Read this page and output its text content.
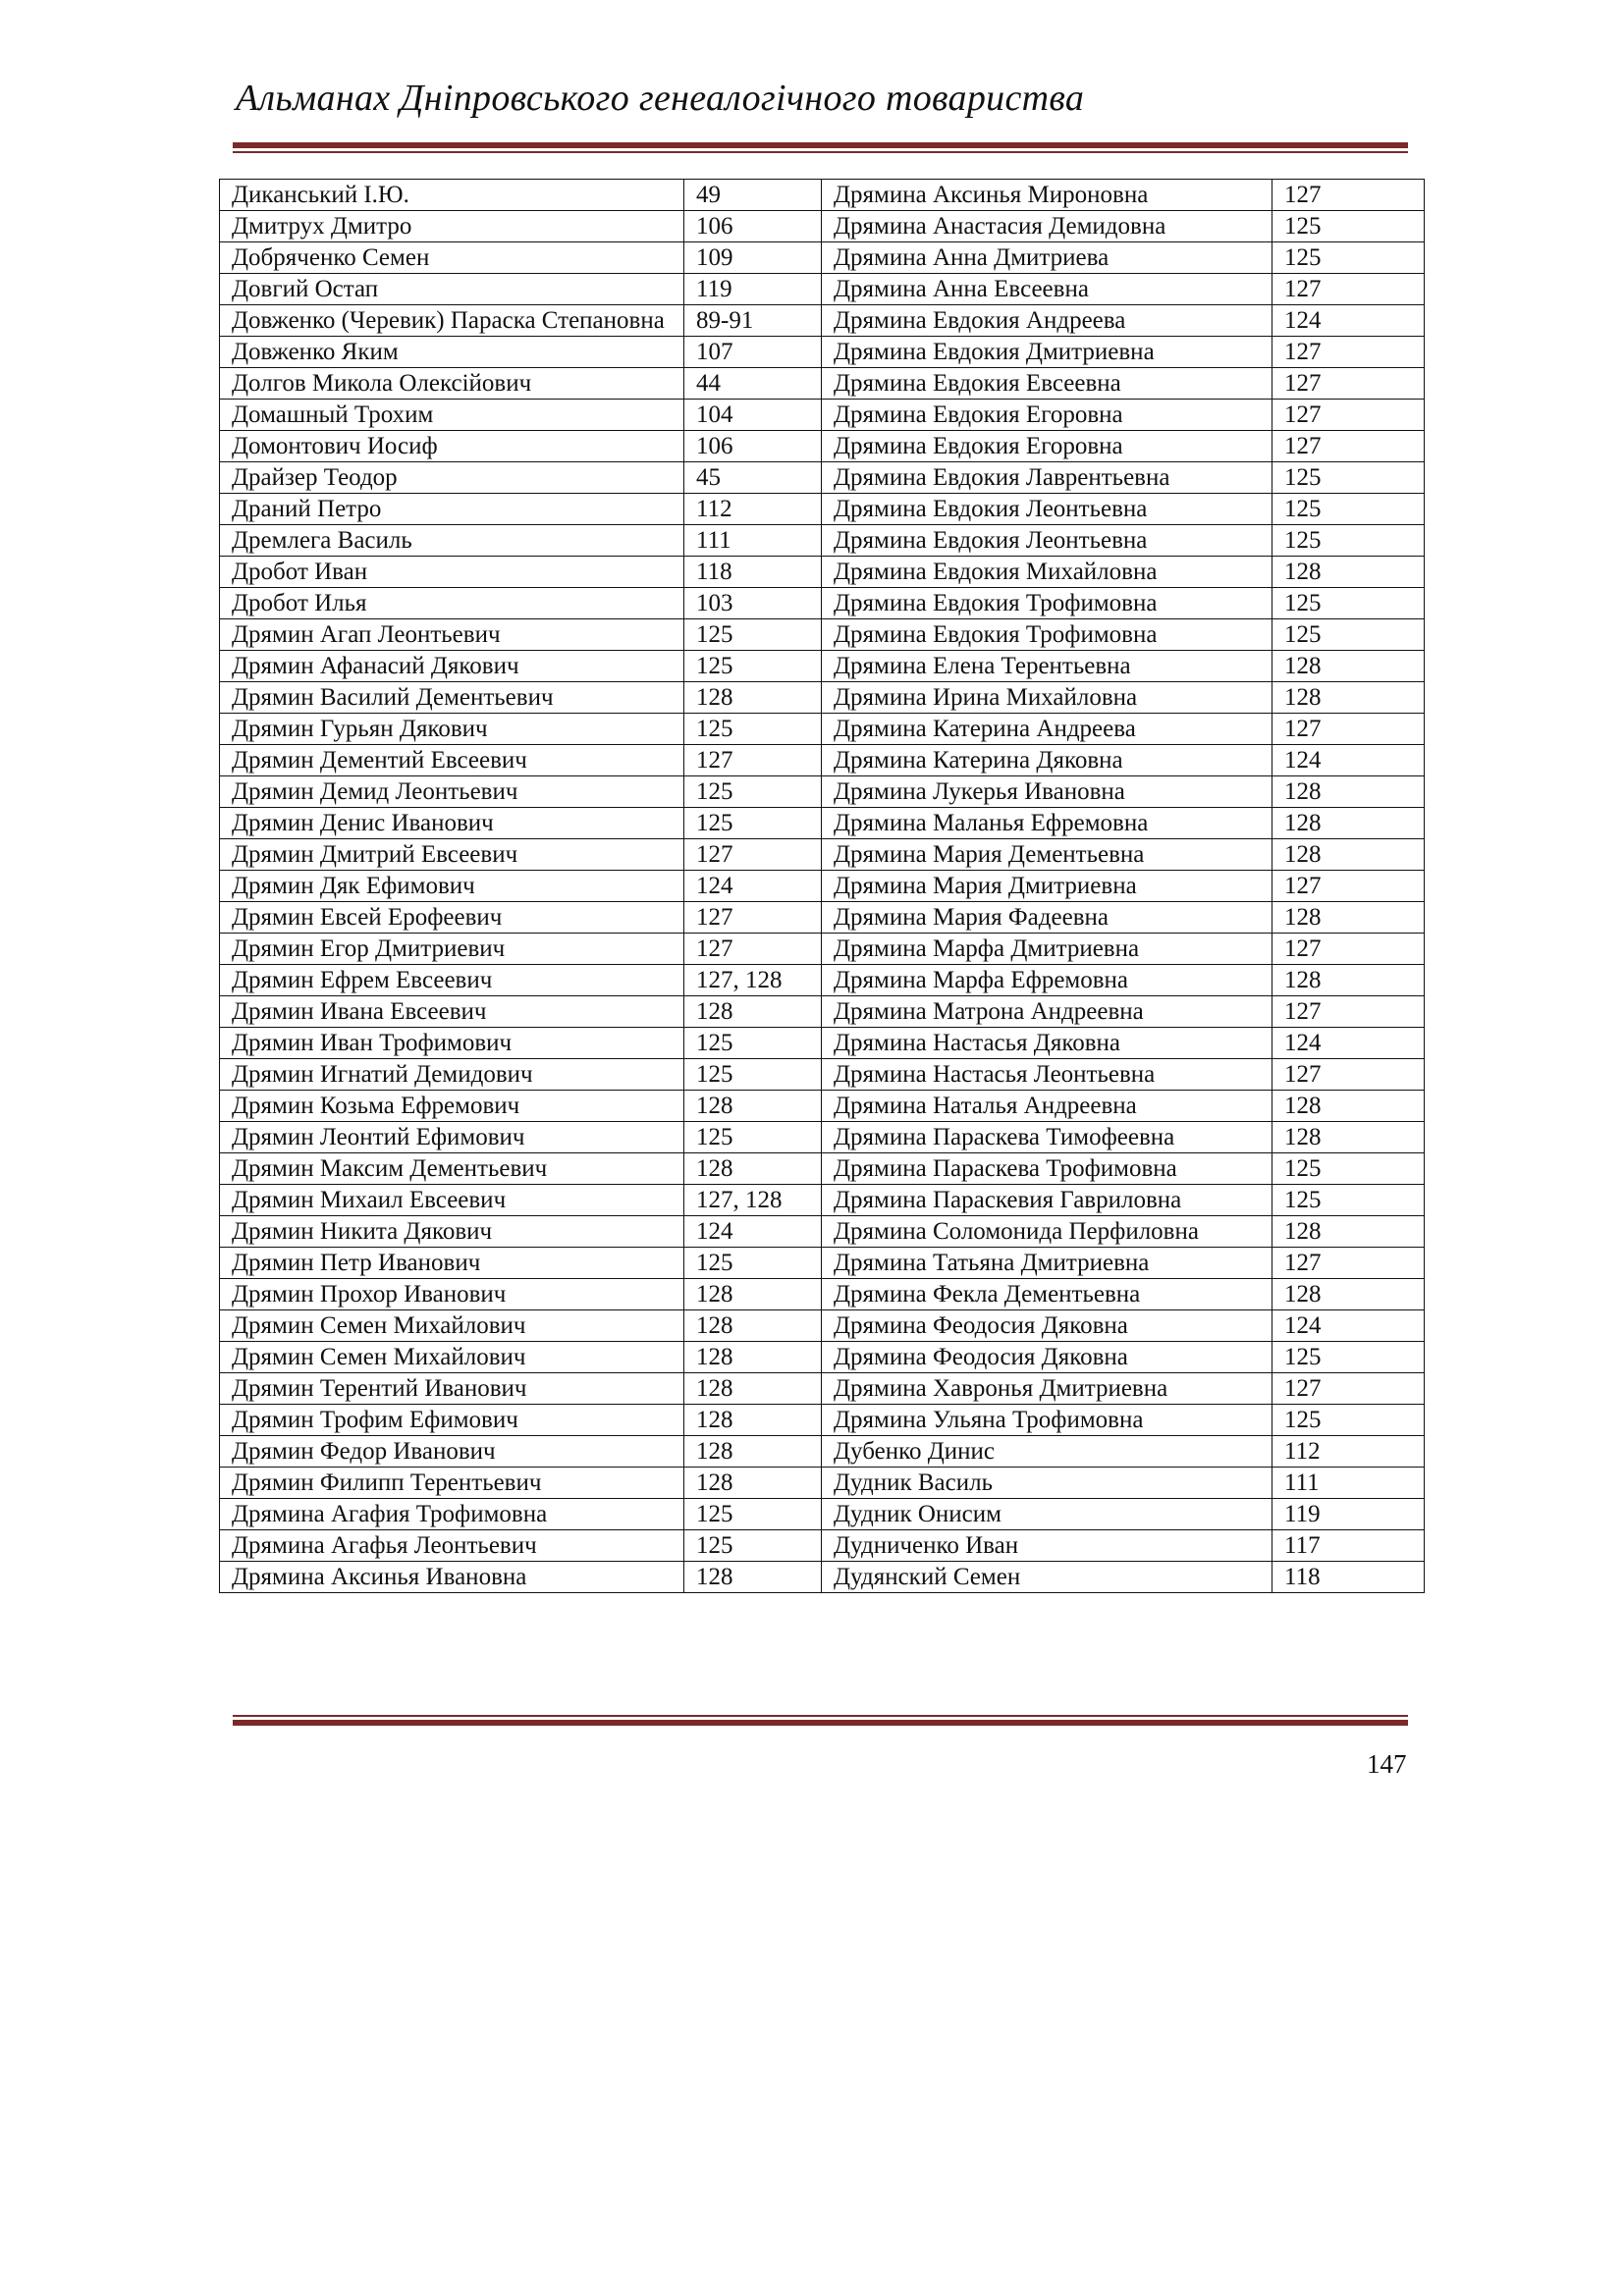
Альманах Дніпровського генеалогічного товариства
Диканський І.Ю.	49	Дрямина Аксинья Мироновна	127
Дмитрух Дмитро	106	Дрямина Анастасия Демидовна	125
Добряченко Семен	109	Дрямина Анна Дмитриева	125
Довгий Остап	119	Дрямина Анна Евсеевна	127
Довженко (Черевик) Параска Степановна	89-91	Дрямина Евдокия Андреева	124
Довженко Яким	107	Дрямина Евдокия Дмитриевна	127
Долгов Микола Олексійович	44	Дрямина Евдокия Евсеевна	127
Домашный Трохим	104	Дрямина Евдокия Егоровна	127
Домонтович Иосиф	106	Дрямина Евдокия Егоровна	127
Драйзер Теодор	45	Дрямина Евдокия Лаврентьевна	125
Драний Петро	112	Дрямина Евдокия Леонтьевна	125
Дремлега Василь	111	Дрямина Евдокия Леонтьевна	125
Дробот Иван	118	Дрямина Евдокия Михайловна	128
Дробот Илья	103	Дрямина Евдокия Трофимовна	125
Дрямин Агап Леонтьевич	125	Дрямина Евдокия Трофимовна	125
Дрямин Афанасий Дякович	125	Дрямина Елена Терентьевна	128
Дрямин Василий Дементьевич	128	Дрямина Ирина Михайловна	128
Дрямин Гурьян Дякович	125	Дрямина Катерина Андреева	127
Дрямин Дементий Евсеевич	127	Дрямина Катерина Дяковна	124
Дрямин Демид Леонтьевич	125	Дрямина Лукерья Ивановна	128
Дрямин Денис Иванович	125	Дрямина Маланья Ефремовна	128
Дрямин Дмитрий Евсеевич	127	Дрямина Мария Дементьевна	128
Дрямин Дяк Ефимович	124	Дрямина Мария Дмитриевна	127
Дрямин Евсей Ерофеевич	127	Дрямина Мария Фадеевна	128
Дрямин Егор Дмитриевич	127	Дрямина Марфа Дмитриевна	127
Дрямин Ефрем Евсеевич	127, 128	Дрямина Марфа Ефремовна	128
Дрямин Ивана Евсеевич	128	Дрямина Матрона Андреевна	127
Дрямин Иван Трофимович	125	Дрямина Настасья Дяковна	124
Дрямин Игнатий Демидович	125	Дрямина Настасья Леонтьевна	127
Дрямин Козьма Ефремович	128	Дрямина Наталья Андреевна	128
Дрямин Леонтий Ефимович	125	Дрямина Параскева Тимофеевна	128
Дрямин Максим Дементьевич	128	Дрямина Параскева Трофимовна	125
Дрямин Михаил Евсеевич	127, 128	Дрямина Параскевия Гавриловна	125
Дрямин Никита Дякович	124	Дрямина Соломонида Перфиловна	128
Дрямин Петр Иванович	125	Дрямина Татьяна Дмитриевна	127
Дрямин Прохор Иванович	128	Дрямина Фекла Дементьевна	128
Дрямин Семен Михайлович	128	Дрямина Феодосия Дяковна	124
Дрямин Семен Михайлович	128	Дрямина Феодосия Дяковна	125
Дрямин Терентий Иванович	128	Дрямина Хавронья Дмитриевна	127
Дрямин Трофим Ефимович	128	Дрямина Ульяна Трофимовна	125
Дрямин Федор Иванович	128	Дубенко Динис	112
Дрямин Филипп Терентьевич	128	Дудник Василь	111
Дрямина Агафия Трофимовна	125	Дудник Онисим	119
Дрямина Агафья Леонтьевич	125	Дудниченко Иван	117
Дрямина Аксинья Ивановна	128	Дудянский Семен	118
147
